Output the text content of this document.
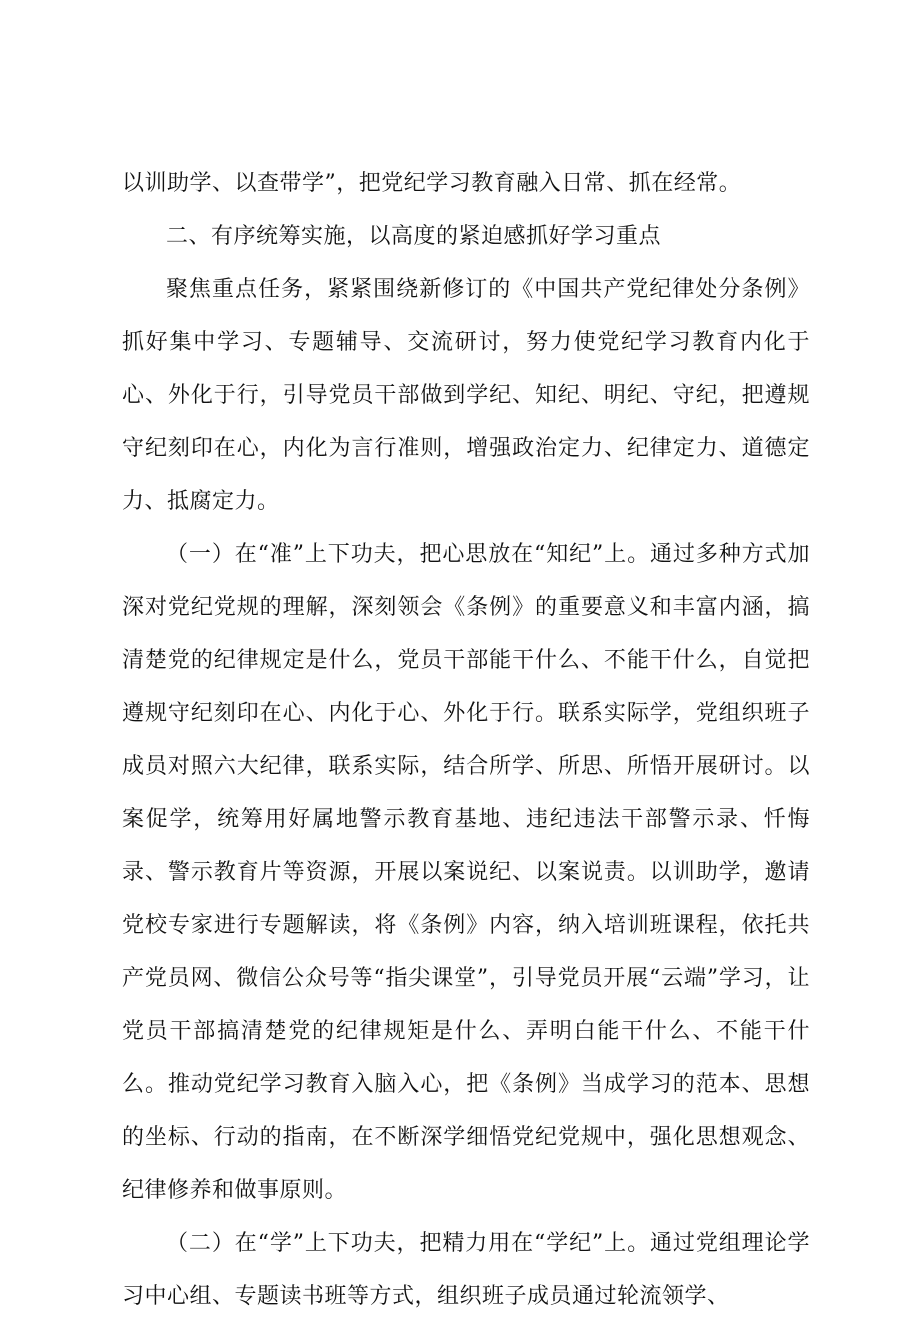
以训助学、以查带学”，把党纪学习教育融入日常、抓在经常。

二、有序统筹实施，以高度的紧迫感抓好学习重点

聚焦重点任务，紧紧围绕新修订的《中国共产党纪律处分条例》抓好集中学习、专题辅导、交流研讨，努力使党纪学习教育内化于心、外化于行，引导党员干部做到学纪、知纪、明纪、守纪，把遵规守纪刻印在心，内化为言行准则，增强政治定力、纪律定力、道德定力、抵腐定力。

（一）在“准”上下功夫，把心思放在“知纪”上。通过多种方式加深对党纪党规的理解，深刻领会《条例》的重要意义和丰富内涵，搞清楚党的纪律规定是什么，党员干部能干什么、不能干什么，自觉把遵规守纪刻印在心、内化于心、外化于行。联系实际学，党组织班子成员对照六大纪律，联系实际，结合所学、所思、所悟开展研讨。以案促学，统筹用好属地警示教育基地、违纪违法干部警示录、忏悔录、警示教育片等资源，开展以案说纪、以案说责。以训助学，邀请党校专家进行专题解读，将《条例》内容，纳入培训班课程，依托共产党员网、微信公众号等“指尖课堂”，引导党员开展“云端”学习，让党员干部搞清楚党的纪律规矩是什么、弄明白能干什么、不能干什么。推动党纪学习教育入脑入心，把《条例》当成学习的范本、思想的坐标、行动的指南，在不断深学细悟党纪党规中，强化思想观念、纪律修养和做事原则。

（二）在“学”上下功夫，把精力用在“学纪”上。通过党组理论学习中心组、专题读书班等方式，组织班子成员通过轮流领学、
